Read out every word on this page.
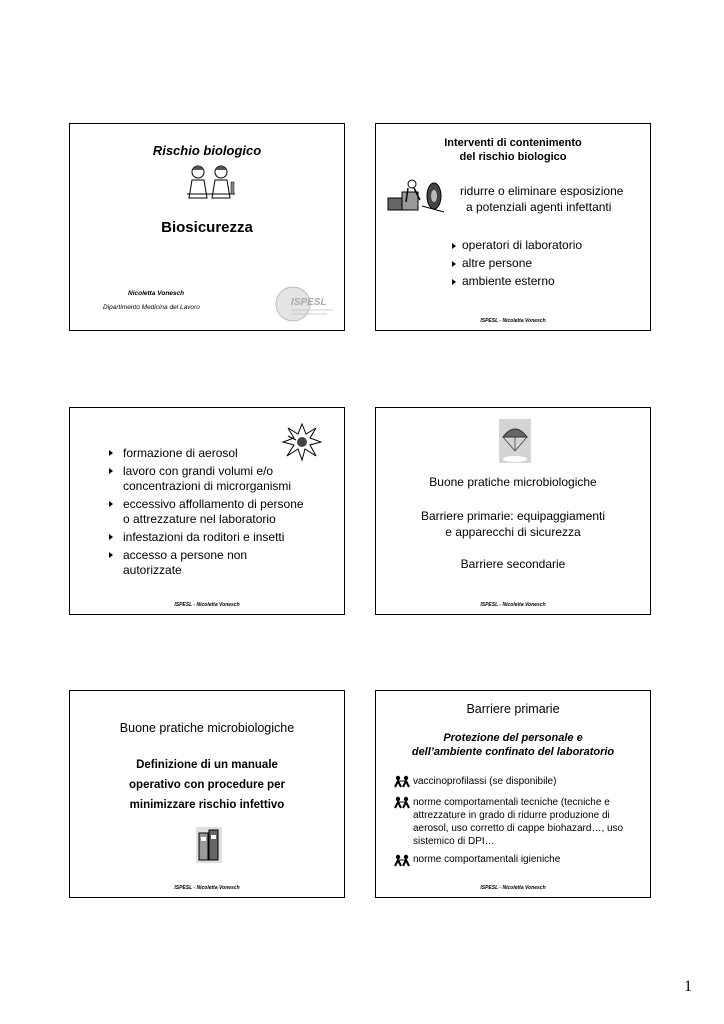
Rischio biologico
Biosicurezza
Nicoletta Vonesch
Dipartimento Medicina del Lavoro	ISPESL
Interventi di contenimento
del rischio biologico
ridurre o eliminare esposizione
a potenziali agenti infettanti
operatori di laboratorio
altre persone
ambiente esterno
ISPESL - Nicoletta Vonesch
formazione di aerosol
lavoro con grandi volumi e/o
concentrazioni di microrganismi
eccessivo affollamento di persone
o attrezzature nel laboratorio
infestazioni da roditori e insetti
accesso a persone non
autorizzate
ISPESL - Nicoletta Vonesch
Buone pratiche microbiologiche
Barriere primarie: equipaggiamenti
e apparecchi di sicurezza
Barriere secondarie
ISPESL - Nicoletta Vonesch
Buone pratiche microbiologiche
Definizione di un manuale
operativo con procedure per
minimizzare rischio infettivo
ISPESL - Nicoletta Vonesch
Barriere primarie
Protezione del personale e
dell’ambiente confinato del laboratorio
vaccinoprofilassi (se disponibile)
norme comportamentali tecniche (tecniche e
attrezzature in grado di ridurre produzione di
aerosol, uso corretto di cappe biohazard…, uso
sistemico di DPI…
norme comportamentali igieniche
ISPESL - Nicoletta Vonesch
1
